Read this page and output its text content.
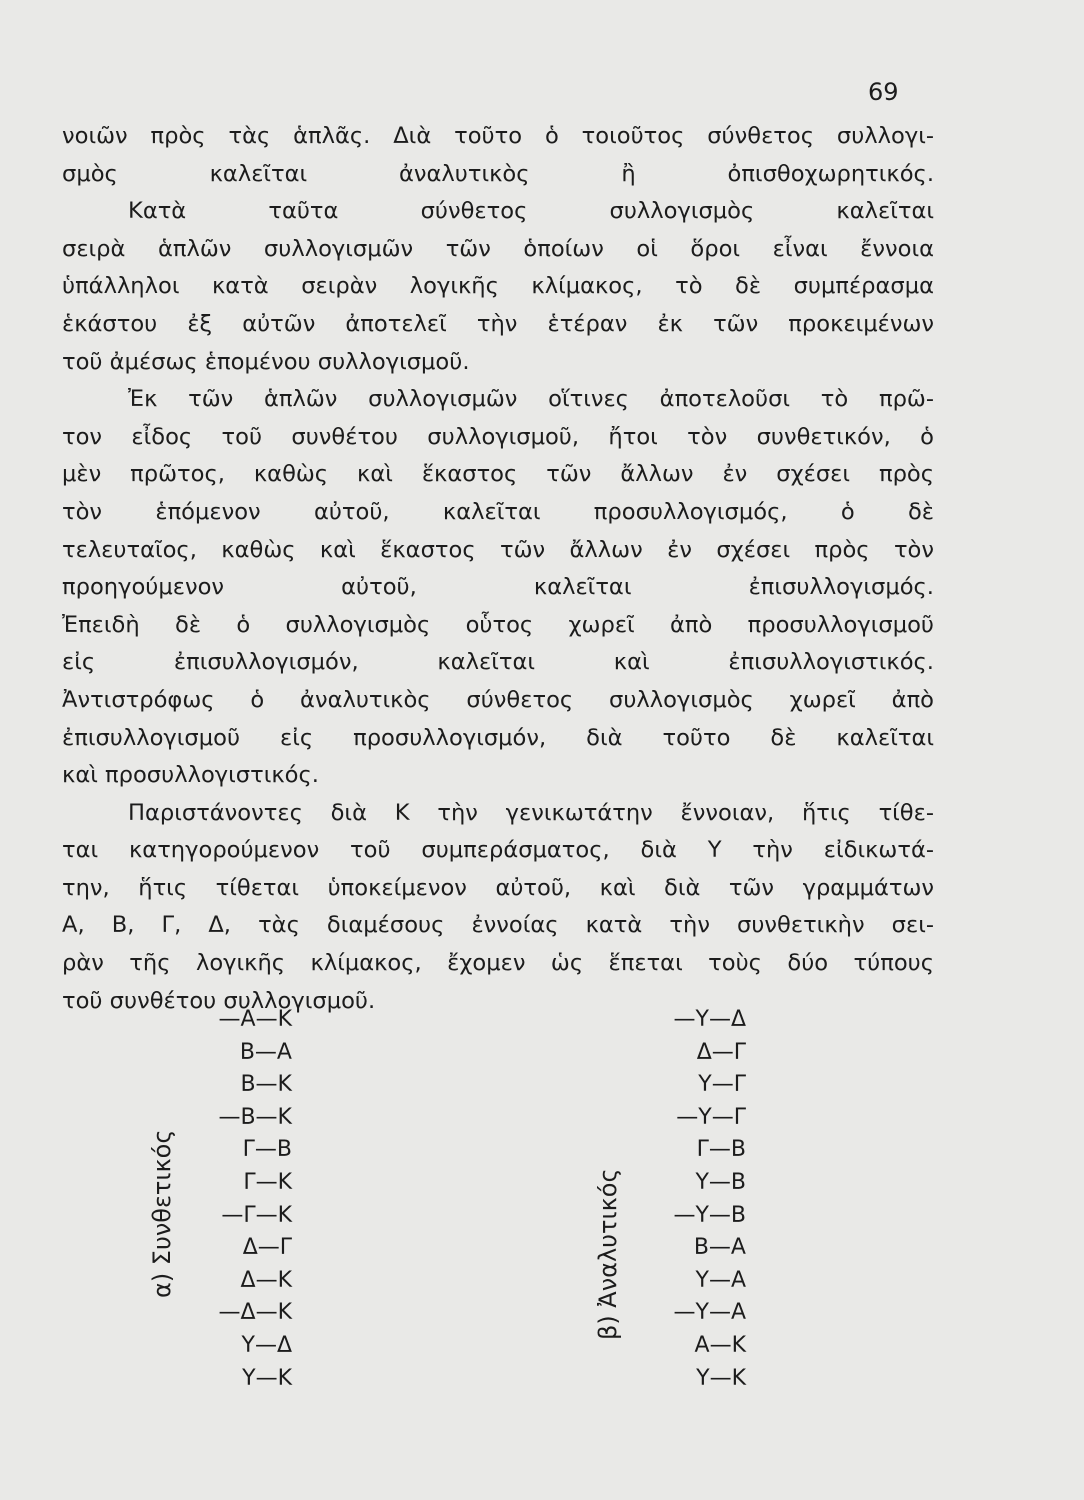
69
νοιῶν πρὸς τὰς ἁπλᾶς. Διὰ τοῦτο ὁ τοιοῦτος σύνθετος συλλογι-
σμὸς καλεῖται ἀναλυτικὸς ἢ ὀπισθοχωρητικός.
Κατὰ ταῦτα σύνθετος συλλογισμὸς καλεῖται
σειρὰ ἁπλῶν συλλογισμῶν τῶν ὁποίων οἱ ὅροι εἶναι ἔννοια
ὑπάλληλοι κατὰ σειρὰν λογικῆς κλίμακος, τὸ δὲ συμπέρασμα
ἑκάστου ἐξ αὐτῶν ἀποτελεῖ τὴν ἑτέραν ἐκ τῶν προκειμένων
τοῦ ἀμέσως ἑπομένου συλλογισμοῦ.
Ἐκ τῶν ἁπλῶν συλλογισμῶν οἵτινες ἀποτελοῦσι τὸ πρῶ-
τον εἶδος τοῦ συνθέτου συλλογισμοῦ, ἤτοι τὸν συνθετικόν, ὁ
μὲν πρῶτος, καθὼς καὶ ἕκαστος τῶν ἄλλων ἐν σχέσει πρὸς
τὸν ἑπόμενον αὐτοῦ, καλεῖται προσυλλογισμός, ὁ δὲ
τελευταῖος, καθὼς καὶ ἕκαστος τῶν ἄλλων ἐν σχέσει πρὸς τὸν
προηγούμενον αὐτοῦ, καλεῖται ἐπισυλλογισμός.
Ἐπειδὴ δὲ ὁ συλλογισμὸς οὗτος χωρεῖ ἀπὸ προσυλλογισμοῦ
εἰς ἐπισυλλογισμόν, καλεῖται καὶ ἐπισυλλογιστικός.
Ἀντιστρόφως ὁ ἀναλυτικὸς σύνθετος συλλογισμὸς χωρεῖ ἀπὸ
ἐπισυλλογισμοῦ εἰς προσυλλογισμόν, διὰ τοῦτο δὲ καλεῖται
καὶ προσυλλογιστικός.
Παριστάνοντες διὰ Κ τὴν γενικωτάτην ἔννοιαν, ἥτις τίθε-
ται κατηγορούμενον τοῦ συμπεράσματος, διὰ Υ τὴν εἰδικωτά-
την, ἥτις τίθεται ὑποκείμενον αὐτοῦ, καὶ διὰ τῶν γραμμάτων
Α, Β, Γ, Δ, τὰς διαμέσους ἐννοίας κατὰ τὴν συνθετικὴν σει-
ρὰν τῆς λογικῆς κλίμακος, ἔχομεν ὡς ἕπεται τοὺς δύο τύπους
τοῦ συνθέτου συλλογισμοῦ.
α) Συνθετικός
—Α—Κ
Β—Α
Β—Κ
—Β—Κ
Γ—Β
Γ—Κ
—Γ—Κ
Δ—Γ
Δ—Κ
—Δ—Κ
Υ—Δ
Υ—Κ
β) Ἀναλυτικός
—Υ—Δ
Δ—Γ
Υ—Γ
—Υ—Γ
Γ—Β
Υ—Β
—Υ—Β
Β—Α
Υ—Α
—Υ—Α
Α—Κ
Υ—Κ
